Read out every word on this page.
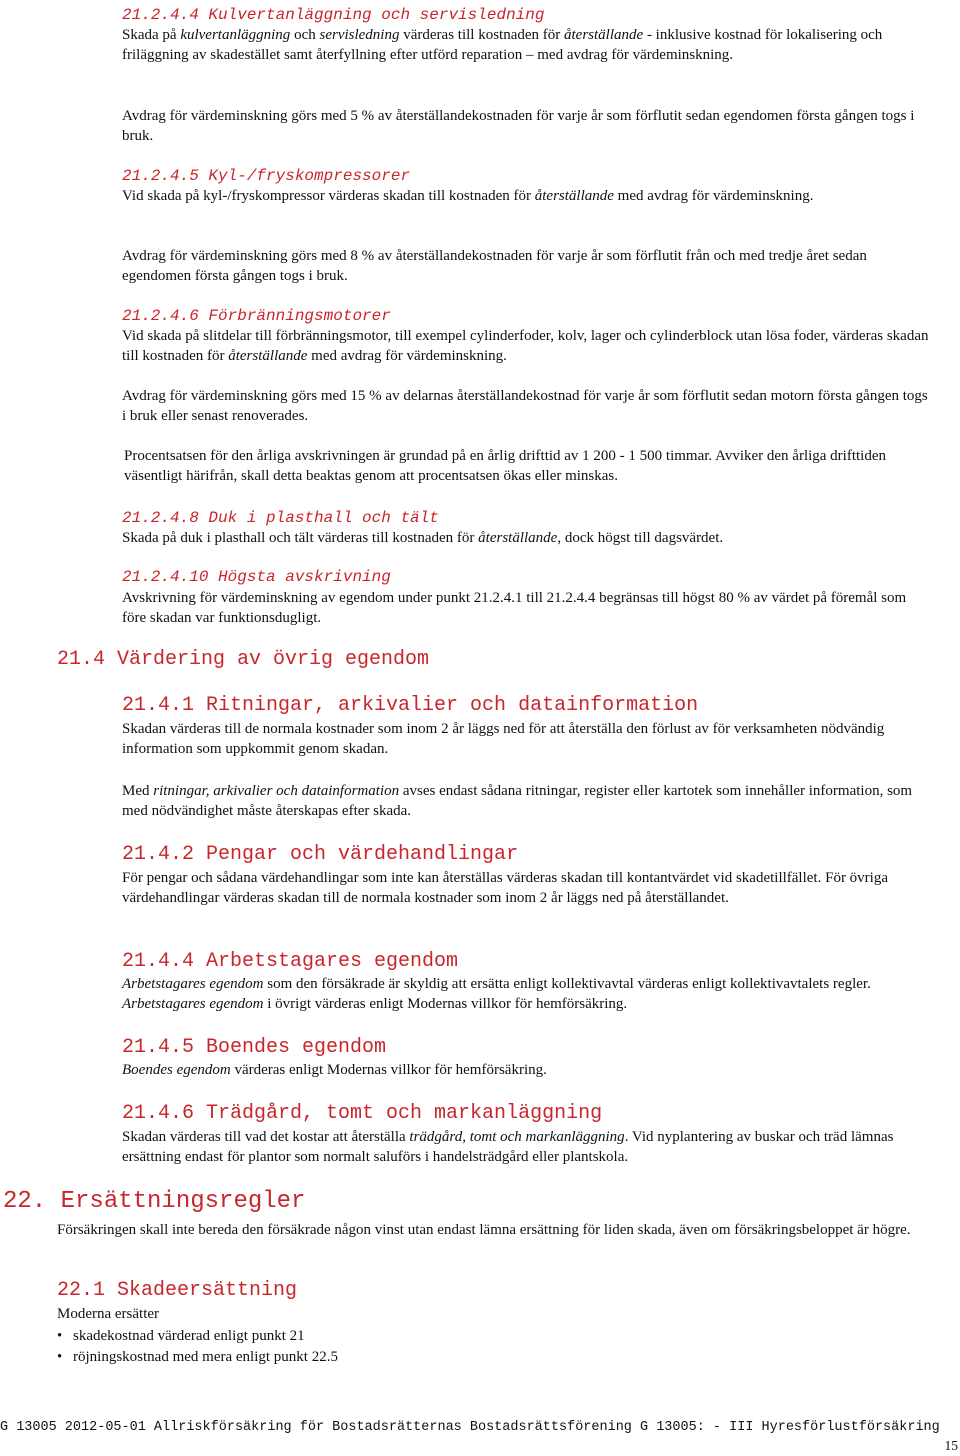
21.2.4.4 Kulvertanläggning och servisledning

Skada på kulvertanläggning och servisledning värderas till kostnaden för återställande - inklusive kostnad för lokalisering och friläggning av skadestället samt återfyllning efter utförd reparation – med avdrag för värdeminskning.

Avdrag för värdeminskning görs med 5 % av återställandekostnaden för varje år som förflutit sedan egendomen första gången togs i bruk.

21.2.4.5 Kyl-/fryskompressorer

Vid skada på kyl-/fryskompressor värderas skadan till kostnaden för återställande med avdrag för värdeminskning.

Avdrag för värdeminskning görs med 8 % av återställandekostnaden för varje år som förflutit från och med tredje året sedan egendomen första gången togs i bruk.

21.2.4.6 Förbränningsmotorer

Vid skada på slitdelar till förbränningsmotor, till exempel cylinderfoder, kolv, lager och cylinderblock utan lösa foder, värderas skadan till kostnaden för återställande med avdrag för värdeminskning.

Avdrag för värdeminskning görs med 15 % av delarnas återställandekostnad för varje år som förflutit sedan motorn första gången togs i bruk eller senast renoverades.

Procentsatsen för den årliga avskrivningen är grundad på en årlig drifttid av 1 200 - 1 500 timmar. Avviker den årliga drifttiden väsentligt härifrån, skall detta beaktas genom att procentsatsen ökas eller minskas.

21.2.4.8 Duk i plasthall och tält

Skada på duk i plasthall och tält värderas till kostnaden för återställande, dock högst till dagsvärdet.

21.2.4.10 Högsta avskrivning

Avskrivning för värdeminskning av egendom under punkt 21.2.4.1 till 21.2.4.4 begränsas till högst 80 % av värdet på föremål som före skadan var funktionsdugligt.

21.4 Värdering av övrig egendom
21.4.1 Ritningar, arkivalier och datainformation

Skadan värderas till de normala kostnader som inom 2 år läggs ned för att återställa den förlust av för verksamheten nödvändig information som uppkommit genom skadan.

Med ritningar, arkivalier och datainformation avses endast sådana ritningar, register eller kartotek som innehåller information, som med nödvändighet måste återskapas efter skada.

21.4.2 Pengar och värdehandlingar

För pengar och sådana värdehandlingar som inte kan återställas värderas skadan till kontantvärdet vid skadetillfället. För övriga värdehandlingar värderas skadan till de normala kostnader som inom 2 år läggs ned på återställandet.

21.4.4 Arbetstagares egendom

Arbetstagares egendom som den försäkrade är skyldig att ersätta enligt kollektivavtal värderas enligt kollektivavtalets regler. Arbetstagares egendom i övrigt värderas enligt Modernas villkor för hemförsäkring.

21.4.5 Boendes egendom

Boendes egendom värderas enligt Modernas villkor för hemförsäkring.

21.4.6 Trädgård, tomt och markanläggning

Skadan värderas till vad det kostar att återställa trädgård, tomt och markanläggning. Vid nyplantering av buskar och träd lämnas ersättning endast för plantor som normalt saluförs i handelsträdgård eller plantskola.

22. Ersättningsregler

Försäkringen skall inte bereda den försäkrade någon vinst utan endast lämna ersättning för liden skada, även om försäkringsbeloppet är högre.

22.1 Skadeersättning

Moderna ersätter

• skadekostnad värderad enligt punkt 21
• röjningskostnad med mera enligt punkt 22.5
G 13005 2012-05-01 Allriskförsäkring för Bostadsrätternas Bostadsrättsförening G 13005: - III Hyresförlustförsäkring
15
